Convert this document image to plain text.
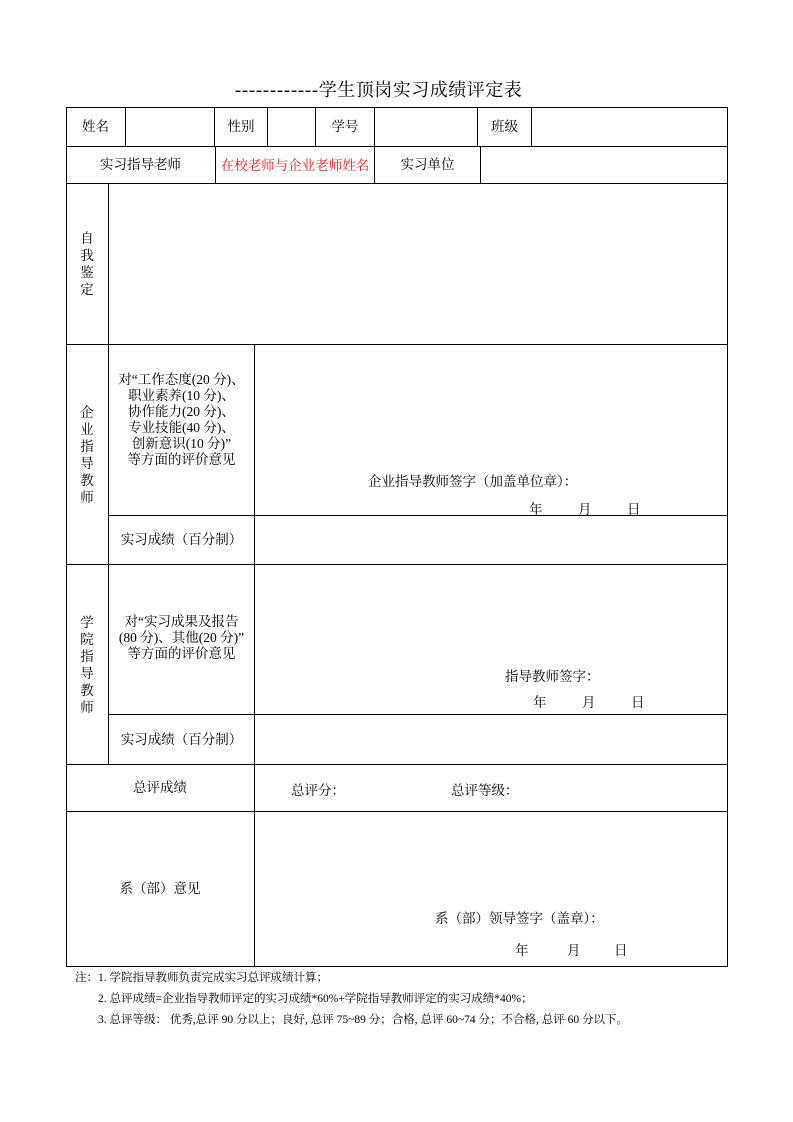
------------学生顶岗实习成绩评定表
姓名	性别	学号	班级
实习指导老师	在校老师与企业老师姓名	实习单位
自
我
鉴
定
企
业
指
导
教
师
对“工作态度(20 分)、
职业素养(10 分)、
协作能力(20 分)、
专业技能(40 分)、
创新意识(10 分)”
等方面的评价意见
企业指导教师签字（加盖单位章）：
年	月	日
实习成绩（百分制）
学
院
指
导
教
师
对“实习成果及报告
(80 分)、其他(20 分)”
等方面的评价意见
指导教师签字：
年	月	日
实习成绩（百分制）
总评成绩	总评分：	总评等级：
系（部）意见
系（部）领导签字（盖章）：
年	月 日
注：1. 学院指导教师负责完成实习总评成绩计算；
2. 总评成绩=企业指导教师评定的实习成绩*60%+学院指导教师评定的实习成绩*40%；
3. 总评等级： 优秀,总评 90 分以上；良好, 总评 75~89 分；合格, 总评 60~74 分；不合格, 总评 60 分以下。
